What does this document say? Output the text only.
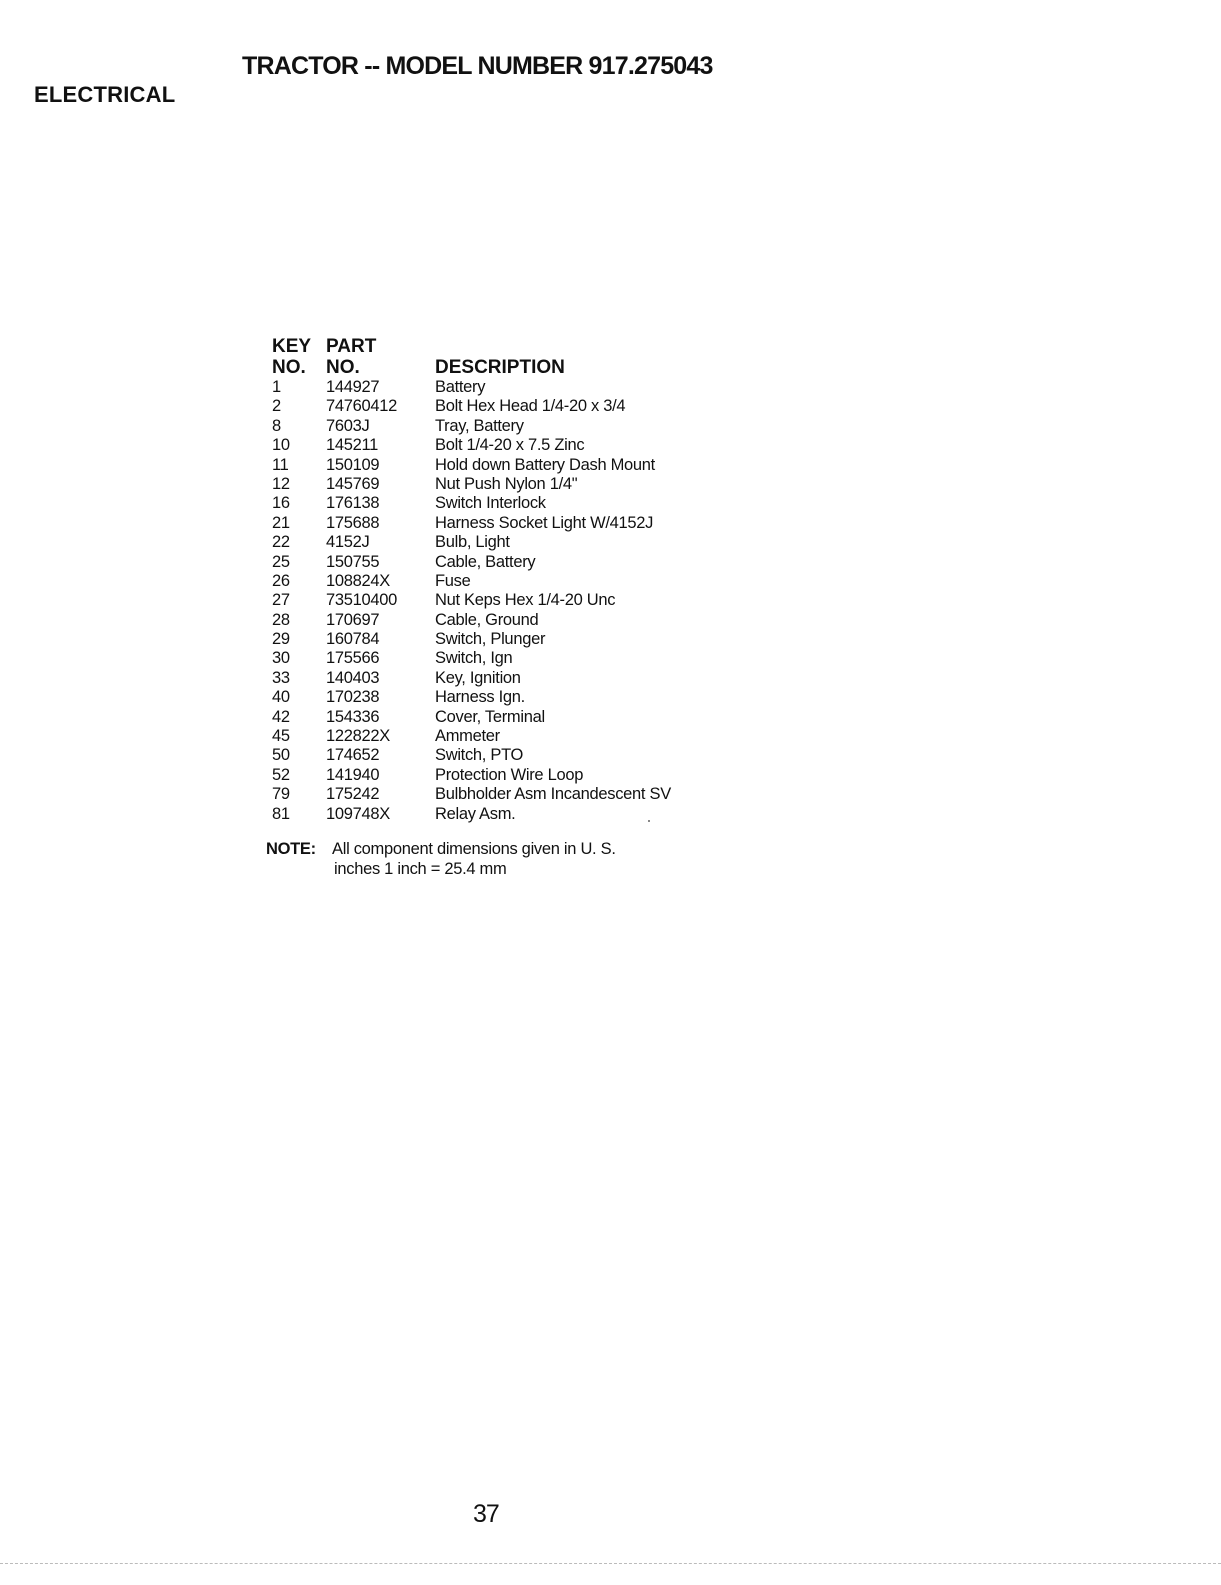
TRACTOR -- MODEL NUMBER 917.275043
ELECTRICAL
KEY PART
NO. NO.	DESCRIPTION
1	144927	Battery
2	74760412 Bolt Hex Head 1/4-20 x 3/4
8	7603J	Tray, Battery
10 145211	Bolt 1/4-20 x 7.5 Zinc
11 150109	Hold down Battery Dash Mount
12 145769	Nut Push Nylon 1/4"
16 176138	Switch Interlock
21 175688	Harness Socket Light W/4152J
22 4152J	Bulb, Light
25 150755	Cable, Battery
26 108824X	Fuse
27 73510400 Nut Keps Hex 1/4-20 Unc
28 170697	Cable, Ground
29 160784	Switch, Plunger
30 175566	Switch, Ign
33 140403	Key, Ignition
40 170238	Harness Ign.
42 154336	Cover, Terminal
45 122822X	Ammeter
50 174652	Switch, PTO
52 141940	Protection Wire Loop
79 175242	Bulbholder Asm Incandescent SV
81 109748X	Relay Asm.
NOTE: All component dimensions given in U. S.
inches 1 inch = 25.4 mm
37
